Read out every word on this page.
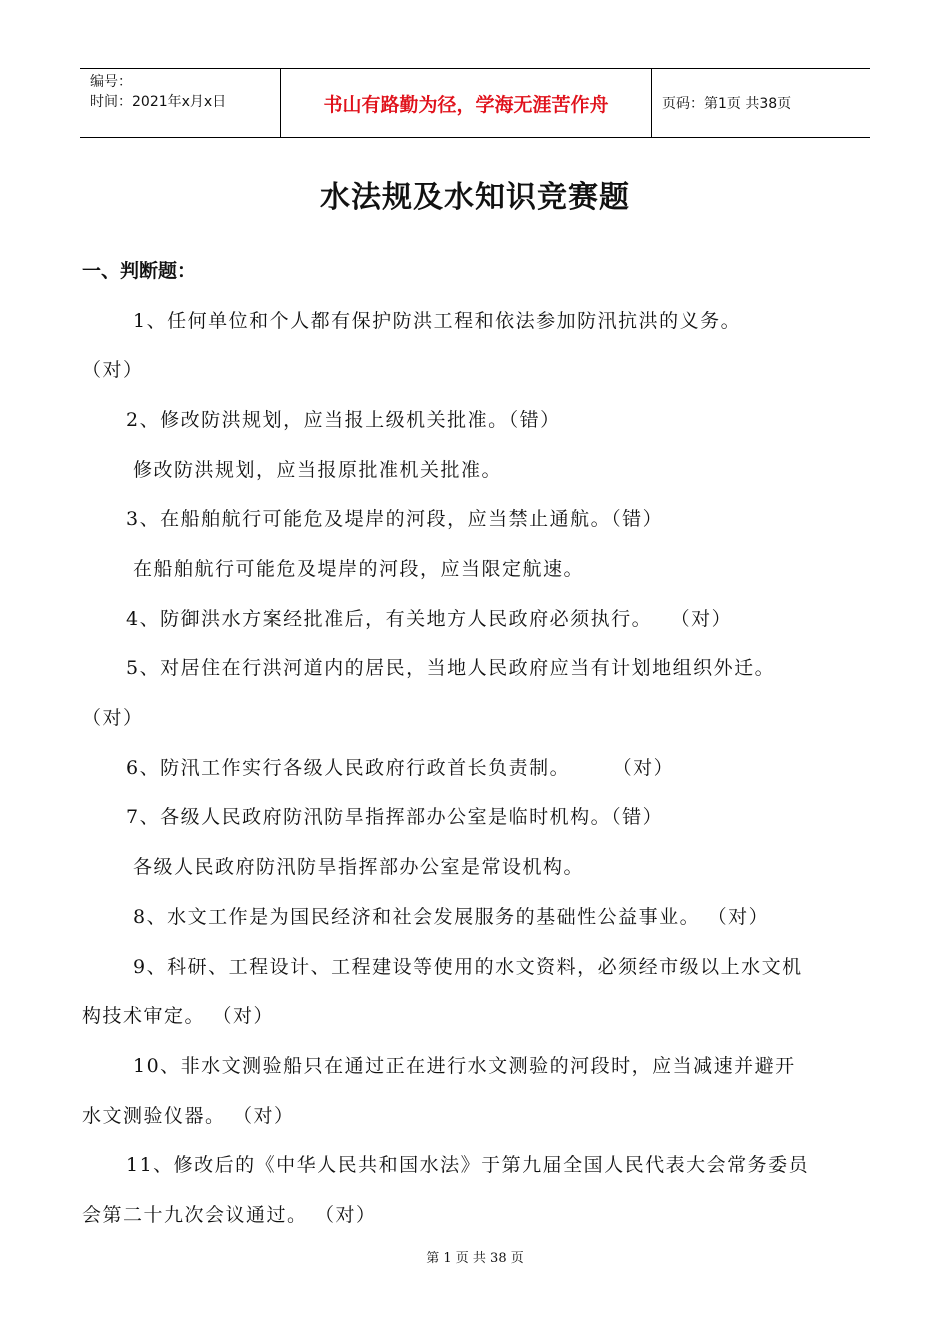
编号：
时间：2021年x月x日	书山有路勤为径，学海无涯苦作舟	页码：第1页 共38页
水法规及水知识竞赛题
一、判断题：
1、任何单位和个人都有保护防洪工程和依法参加防汛抗洪的义务。
（对）
2、修改防洪规划，应当报上级机关批准。（错）
修改防洪规划，应当报原批准机关批准。
3、在船舶航行可能危及堤岸的河段，应当禁止通航。（错）
在船舶航行可能危及堤岸的河段，应当限定航速。
4、防御洪水方案经批准后，有关地方人民政府必须执行。　 （对）
5、对居住在行洪河道内的居民，当地人民政府应当有计划地组织外迁。
（对）
6、防汛工作实行各级人民政府行政首长负责制。　　　（对）
7、各级人民政府防汛防旱指挥部办公室是临时机构。（错）
各级人民政府防汛防旱指挥部办公室是常设机构。
8、水文工作是为国民经济和社会发展服务的基础性公益事业。 （对）
9、科研、工程设计、工程建设等使用的水文资料，必须经市级以上水文机
构技术审定。 （对）
10、非水文测验船只在通过正在进行水文测验的河段时，应当减速并避开
水文测验仪器。 （对）
11、修改后的《中华人民共和国水法》于第九届全国人民代表大会常务委员
会第二十九次会议通过。 （对）
第 1 页 共 38 页
